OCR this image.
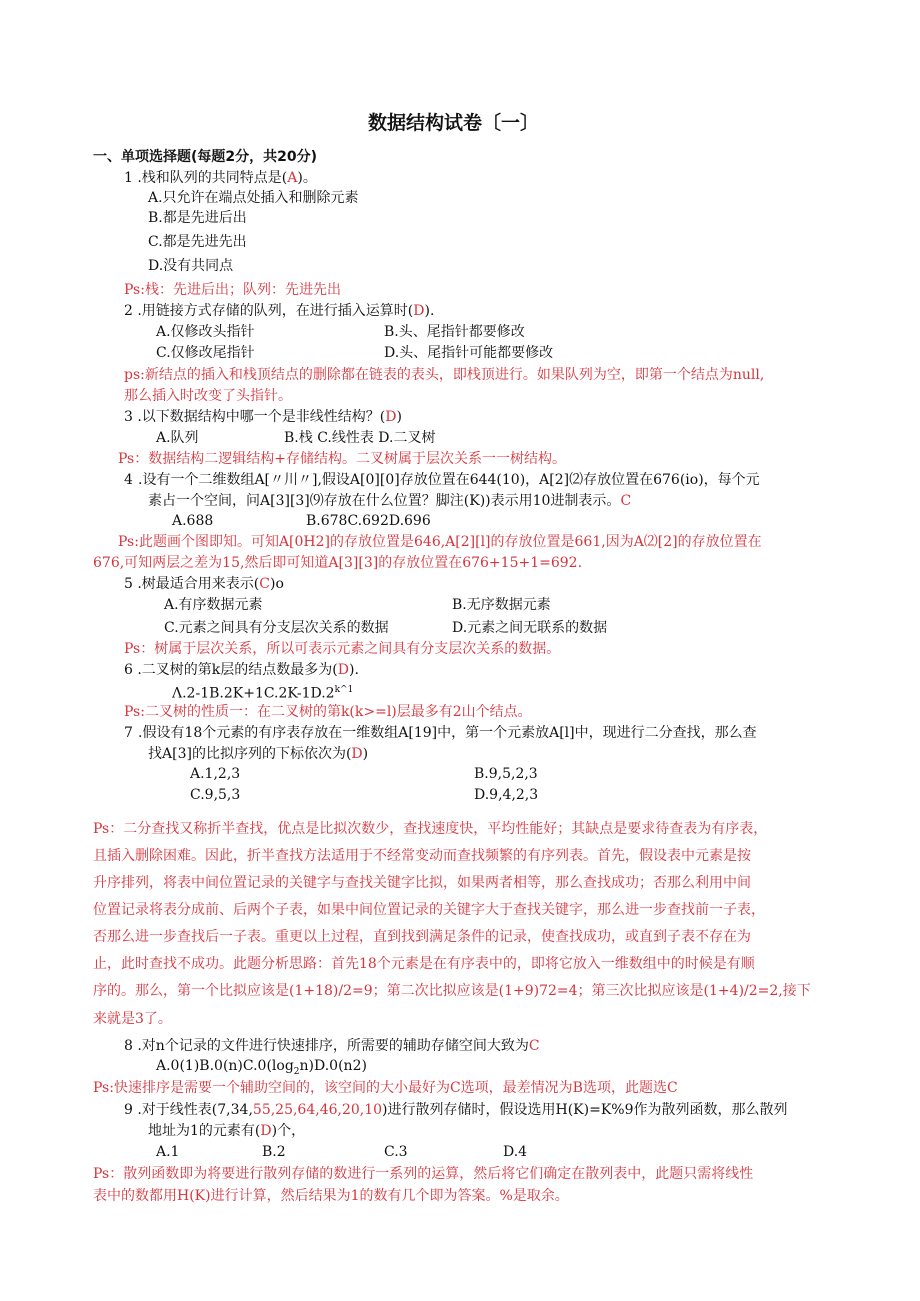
数据结构试卷〔一〕
一、单项选择题(每题2分，共20分)
1 .栈和队列的共同特点是(A)。
A.只允许在端点处插入和删除元素
B.都是先进后出
C.都是先进先出
D.没有共同点
Ps:栈：先进后出；队列：先进先出
2 .用链接方式存储的队列，在进行插入运算时(D).
A.仅修改头指针	B.头、尾指针都要修改
C.仅修改尾指针	D.头、尾指针可能都要修改
ps:新结点的插入和栈顶结点的删除都在链表的表头，即栈顶进行。如果队列为空，即第一个结点为null,
那么插入时改变了头指针。
3 .以下数据结构中哪一个是非线性结构？(D)
A.队列	B.栈 C.线性表 D.二叉树
Ps：数据结构二逻辑结构+存储结构。二叉树属于层次关系一一树结构。
4 .设有一个二维数组A[〃川〃],假设A[0][0]存放位置在644(10)，A[2]⑵存放位置在676(io)，每个元
素占一个空间，问A[3][3]⑼存放在什么位置？脚注(K))表示用10进制表示。C
A.688	B.678C.692D.696
Ps:此题画个图即知。可知A[0H2]的存放位置是646,A[2][l]的存放位置是661,因为A⑵[2]的存放位置在
676,可知两层之差为15,然后即可知道A[3][3]的存放位置在676+15+1=692.
5 .树最适合用来表示(C)o
A.有序数据元素	B.无序数据元素
C.元素之间具有分支层次关系的数据	D.元素之间无联系的数据
Ps：树属于层次关系，所以可表示元素之间具有分支层次关系的数据。
6 .二叉树的第k层的结点数最多为(D).
$\Lambda.2-1B.2K+1C.2K-1D.2^{k\^{}1}$
Ps:二叉树的性质一：在二叉树的第k(k>=l)层最多有2山个结点。
7 .假设有18个元素的有序表存放在一维数组A[19]中，第一个元素放A[l]中，现进行二分查找，那么查
找A[3]的比拟序列的下标依次为(D)
A.1,2,3	B.9,5,2,3
C.9,5,3	D.9,4,2,3
Ps：二分查找又称折半查找，优点是比拟次数少，查找速度快，平均性能好；其缺点是要求待查表为有序表，
且插入删除困难。因此，折半查找方法适用于不经常变动而查找频繁的有序列表。首先，假设表中元素是按
升序排列，将表中间位置记录的关键字与查找关键字比拟，如果两者相等，那么查找成功；否那么利用中间
位置记录将表分成前、后两个子表，如果中间位置记录的关键字大于查找关键字，那么进一步查找前一子表，
否那么进一步查找后一子表。重更以上过程，直到找到满足条件的记录，使查找成功，或直到子表不存在为
止，此时查找不成功。此题分析思路：首先18个元素是在有序表中的，即将它放入一维数组中的时候是有顺
序的。那么，第一个比拟应该是(1+18)/2=9；第二次比拟应该是(1+9)72=4；第三次比拟应该是(1+4)/2=2,接下
来就是3了。
8 .对n个记录的文件进行快速排序，所需要的辅助存储空间大致为C
$A.0(1)B.0(n)C.0(\log_2n)D.0(n2)$
Ps:快速排序是需要一个辅助空间的，该空间的大小最好为C选项，最差情况为B选项，此题选C
9 .对于线性表(7,34,55,25,64,46,20,10)进行散列存储时，假设选用H(K)=K%9作为散列函数，那么散列
地址为1的元素有(D)个，
A.1	B.2	C.3	D.4
Ps：散列函数即为将要进行散列存储的数进行一系列的运算，然后将它们确定在散列表中，此题只需将线性
表中的数都用H(K)进行计算，然后结果为1的数有几个即为答案。%是取余。
